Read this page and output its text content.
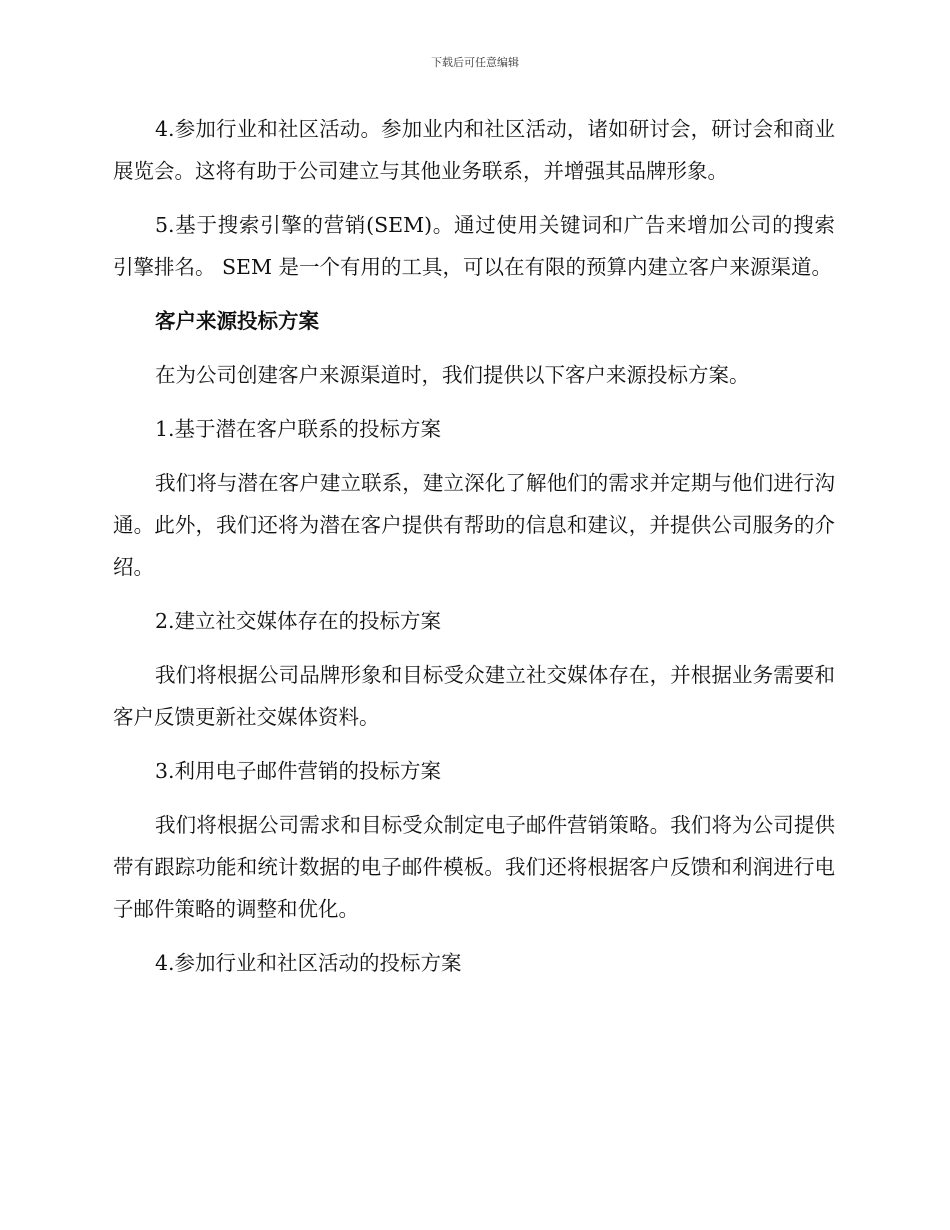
下载后可任意编辑

4.参加行业和社区活动。参加业内和社区活动，诸如研讨会，研讨会和商业展览会。这将有助于公司建立与其他业务联系，并增强其品牌形象。

5.基于搜索引擎的营销(SEM)。通过使用关键词和广告来增加公司的搜索引擎排名。 SEM 是一个有用的工具，可以在有限的预算内建立客户来源渠道。

客户来源投标方案

在为公司创建客户来源渠道时，我们提供以下客户来源投标方案。

1.基于潜在客户联系的投标方案

我们将与潜在客户建立联系，建立深化了解他们的需求并定期与他们进行沟通。此外，我们还将为潜在客户提供有帮助的信息和建议，并提供公司服务的介绍。

2.建立社交媒体存在的投标方案

我们将根据公司品牌形象和目标受众建立社交媒体存在，并根据业务需要和客户反馈更新社交媒体资料。

3.利用电子邮件营销的投标方案

我们将根据公司需求和目标受众制定电子邮件营销策略。我们将为公司提供带有跟踪功能和统计数据的电子邮件模板。我们还将根据客户反馈和利润进行电子邮件策略的调整和优化。

4.参加行业和社区活动的投标方案
